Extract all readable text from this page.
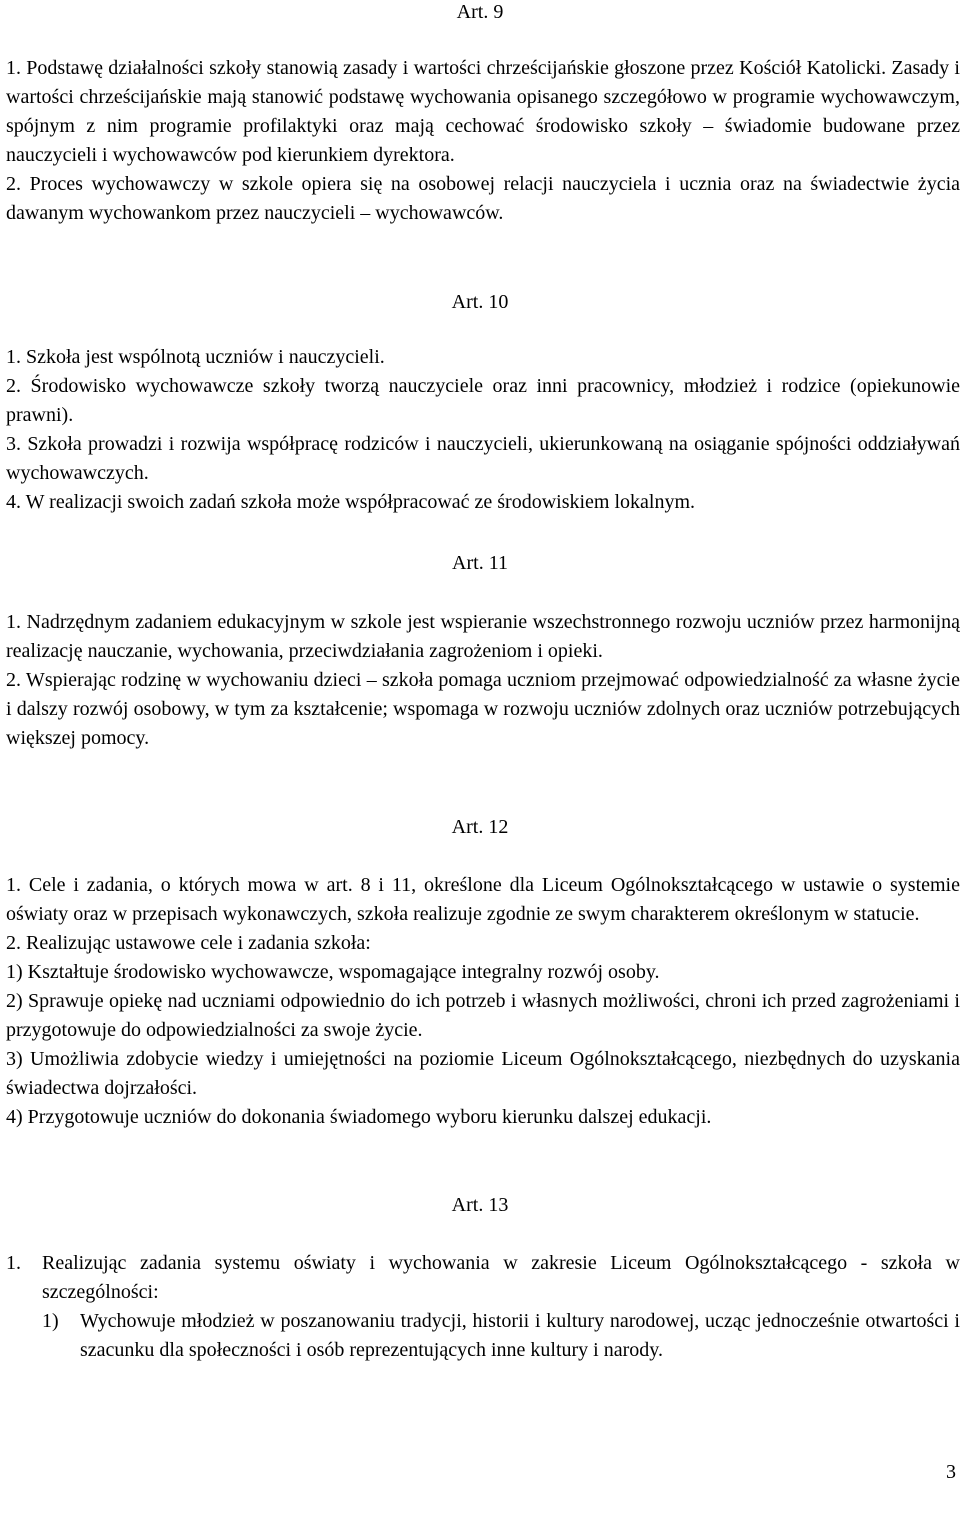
Art. 9
1. Podstawę działalności szkoły stanowią zasady i wartości chrześcijańskie głoszone przez Kościół Katolicki. Zasady i wartości chrześcijańskie mają stanowić podstawę wychowania opisanego szczegółowo w programie wychowawczym, spójnym z nim programie profilaktyki oraz mają cechować środowisko szkoły – świadomie budowane przez nauczycieli i wychowawców pod kierunkiem dyrektora.
2. Proces wychowawczy w szkole opiera się na osobowej relacji nauczyciela i ucznia oraz na świadectwie życia dawanym wychowankom przez nauczycieli – wychowawców.
Art. 10
1. Szkoła jest wspólnotą uczniów i nauczycieli.
2. Środowisko wychowawcze szkoły tworzą nauczyciele oraz inni pracownicy, młodzież i rodzice (opiekunowie prawni).
3. Szkoła prowadzi i rozwija współpracę rodziców i nauczycieli, ukierunkowaną na osiąganie spójności oddziaływań wychowawczych.
4. W realizacji swoich zadań szkoła może współpracować ze środowiskiem lokalnym.
Art. 11
1. Nadrzędnym zadaniem edukacyjnym w szkole jest wspieranie wszechstronnego rozwoju uczniów przez harmonijną realizację nauczanie, wychowania, przeciwdziałania zagrożeniom i opieki.
2. Wspierając rodzinę w wychowaniu dzieci – szkoła pomaga uczniom przejmować odpowiedzialność za własne życie i dalszy rozwój osobowy, w tym za kształcenie; wspomaga w rozwoju uczniów zdolnych oraz uczniów potrzebujących większej pomocy.
Art. 12
1. Cele i zadania, o których mowa w art. 8 i 11, określone dla Liceum Ogólnokształcącego w ustawie o systemie oświaty oraz w przepisach wykonawczych, szkoła realizuje zgodnie ze swym charakterem określonym w statucie.
2. Realizując ustawowe cele i zadania szkoła:
1) Kształtuje środowisko wychowawcze, wspomagające integralny rozwój osoby.
2) Sprawuje opiekę nad uczniami odpowiednio do ich potrzeb i własnych możliwości, chroni ich przed zagrożeniami i przygotowuje do odpowiedzialności za swoje życie.
3) Umożliwia zdobycie wiedzy i umiejętności na poziomie Liceum Ogólnokształcącego, niezbędnych do uzyskania świadectwa dojrzałości.
4) Przygotowuje uczniów do dokonania świadomego wyboru kierunku dalszej edukacji.
Art. 13
1. Realizując zadania systemu oświaty i wychowania w zakresie Liceum Ogólnokształcącego - szkoła w szczególności:
1) Wychowuje młodzież w poszanowaniu tradycji, historii i kultury narodowej, ucząc jednocześnie otwartości i szacunku dla społeczności i osób reprezentujących inne kultury i narody.
3
